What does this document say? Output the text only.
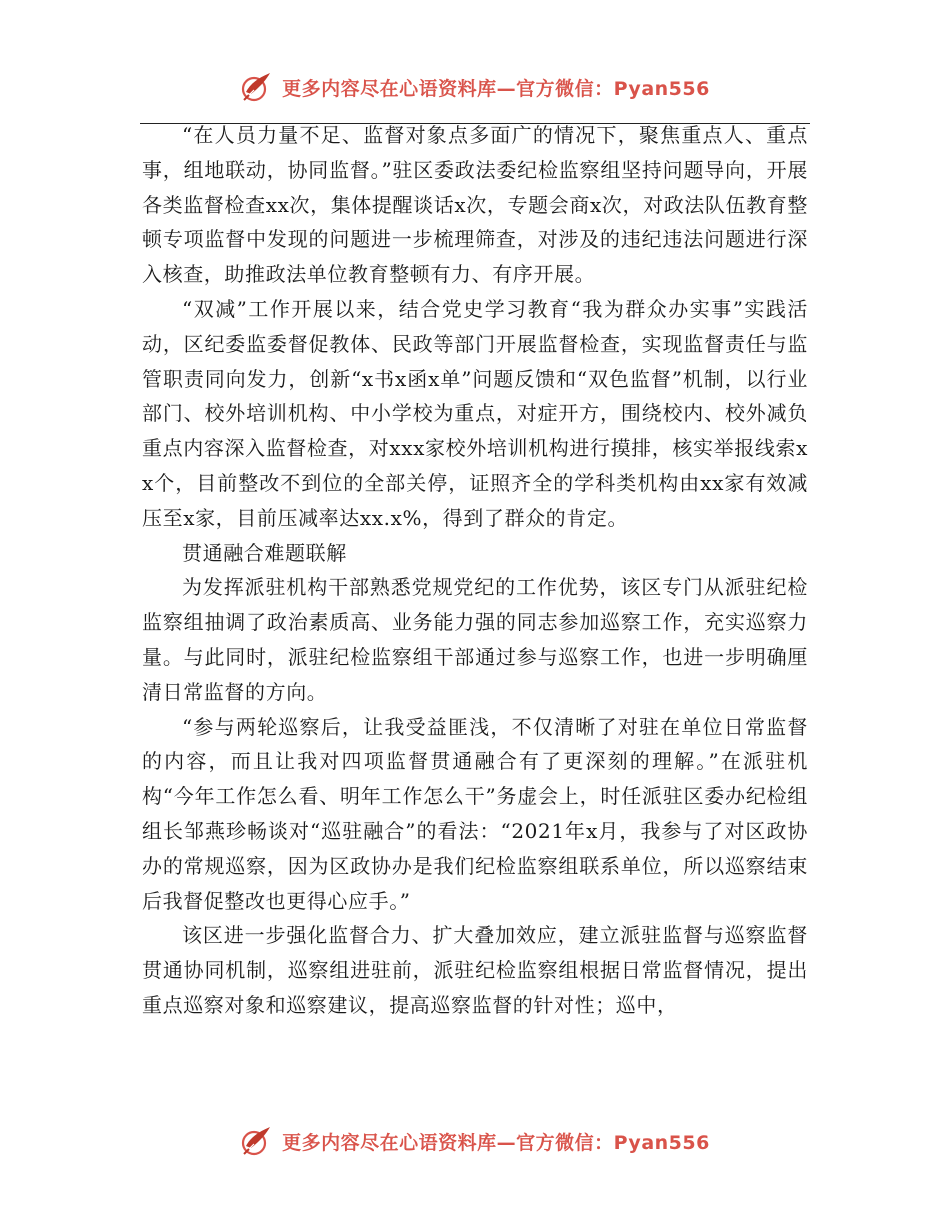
更多内容尽在心语资料库—官方微信：Pyan556

“在人员力量不足、监督对象点多面广的情况下，聚焦重点人、重点事，组地联动，协同监督。”驻区委政法委纪检监察组坚持问题导向，开展各类监督检查xx次，集体提醒谈话x次，专题会商x次，对政法队伍教育整顿专项监督中发现的问题进一步梳理筛查，对涉及的违纪违法问题进行深入核查，助推政法单位教育整顿有力、有序开展。

“双减”工作开展以来，结合党史学习教育“我为群众办实事”实践活动，区纪委监委督促教体、民政等部门开展监督检查，实现监督责任与监管职责同向发力，创新“x书x函x单”问题反馈和“双色监督”机制，以行业部门、校外培训机构、中小学校为重点，对症开方，围绕校内、校外减负重点内容深入监督检查，对xxx家校外培训机构进行摸排，核实举报线索xx个，目前整改不到位的全部关停，证照齐全的学科类机构由xx家有效减压至x家，目前压减率达xx.x%，得到了群众的肯定。

贯通融合难题联解

为发挥派驻机构干部熟悉党规党纪的工作优势，该区专门从派驻纪检监察组抽调了政治素质高、业务能力强的同志参加巡察工作，充实巡察力量。与此同时，派驻纪检监察组干部通过参与巡察工作，也进一步明确厘清日常监督的方向。

“参与两轮巡察后，让我受益匪浅，不仅清晰了对驻在单位日常监督的内容，而且让我对四项监督贯通融合有了更深刻的理解。”在派驻机构“今年工作怎么看、明年工作怎么干”务虚会上，时任派驻区委办纪检组组长邹燕珍畅谈对“巡驻融合”的看法：“2021年x月，我参与了对区政协办的常规巡察，因为区政协办是我们纪检监察组联系单位，所以巡察结束后我督促整改也更得心应手。”

该区进一步强化监督合力、扩大叠加效应，建立派驻监督与巡察监督贯通协同机制，巡察组进驻前，派驻纪检监察组根据日常监督情况，提出重点巡察对象和巡察建议，提高巡察监督的针对性；巡中，

更多内容尽在心语资料库—官方微信：Pyan556
